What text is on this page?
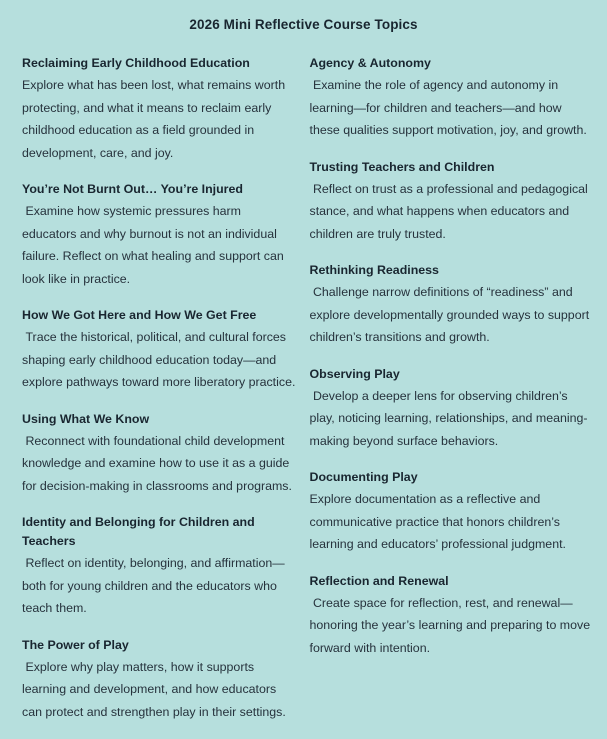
2026 Mini Reflective Course Topics
Reclaiming Early Childhood Education
Explore what has been lost, what remains worth protecting, and what it means to reclaim early childhood education as a field grounded in development, care, and joy.
You’re Not Burnt Out… You’re Injured
Examine how systemic pressures harm educators and why burnout is not an individual failure. Reflect on what healing and support can look like in practice.
How We Got Here and How We Get Free
Trace the historical, political, and cultural forces shaping early childhood education today—and explore pathways toward more liberatory practice.
Using What We Know
Reconnect with foundational child development knowledge and examine how to use it as a guide for decision-making in classrooms and programs.
Identity and Belonging for Children and Teachers
Reflect on identity, belonging, and affirmation—both for young children and the educators who teach them.
The Power of Play
Explore why play matters, how it supports learning and development, and how educators can protect and strengthen play in their settings.
Agency & Autonomy
Examine the role of agency and autonomy in learning—for children and teachers—and how these qualities support motivation, joy, and growth.
Trusting Teachers and Children
Reflect on trust as a professional and pedagogical stance, and what happens when educators and children are truly trusted.
Rethinking Readiness
Challenge narrow definitions of “readiness” and explore developmentally grounded ways to support children’s transitions and growth.
Observing Play
Develop a deeper lens for observing children’s play, noticing learning, relationships, and meaning-making beyond surface behaviors.
Documenting Play
Explore documentation as a reflective and communicative practice that honors children’s learning and educators’ professional judgment.
Reflection and Renewal
Create space for reflection, rest, and renewal—honoring the year’s learning and preparing to move forward with intention.
